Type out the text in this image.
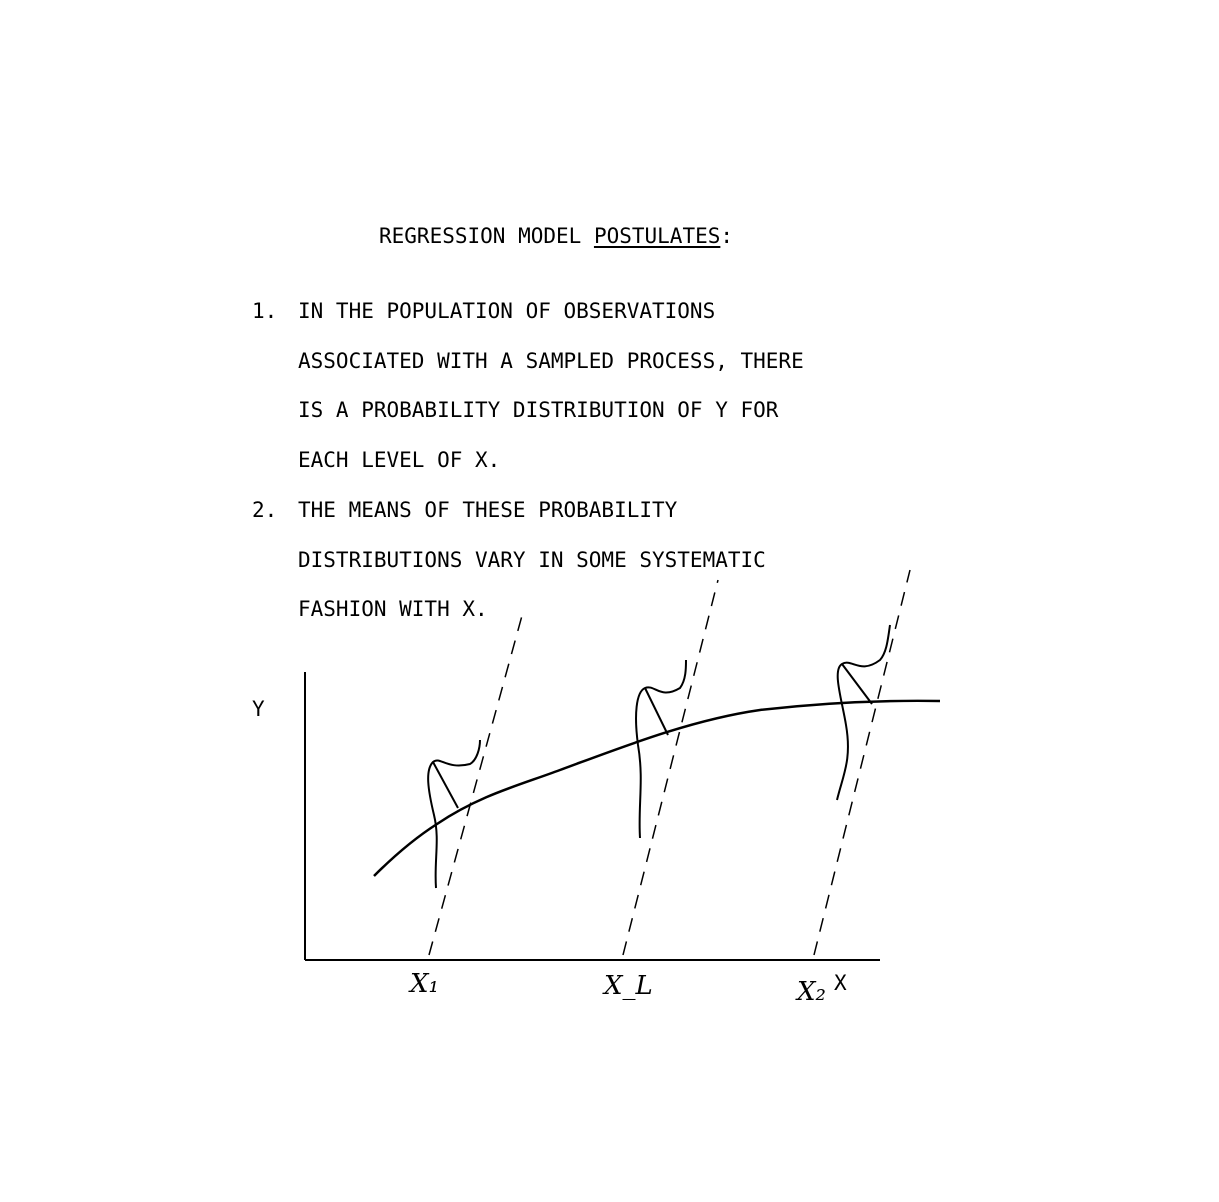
REGRESSION MODEL POSTULATES:
1. IN THE POPULATION OF OBSERVATIONS
ASSOCIATED WITH A SAMPLED PROCESS, THERE
IS A PROBABILITY DISTRIBUTION OF Y FOR
EACH LEVEL OF X.
2. THE MEANS OF THESE PROBABILITY
DISTRIBUTIONS VARY IN SOME SYSTEMATIC
FASHION WITH X.
X₁	X_L	X₂
Y
X
